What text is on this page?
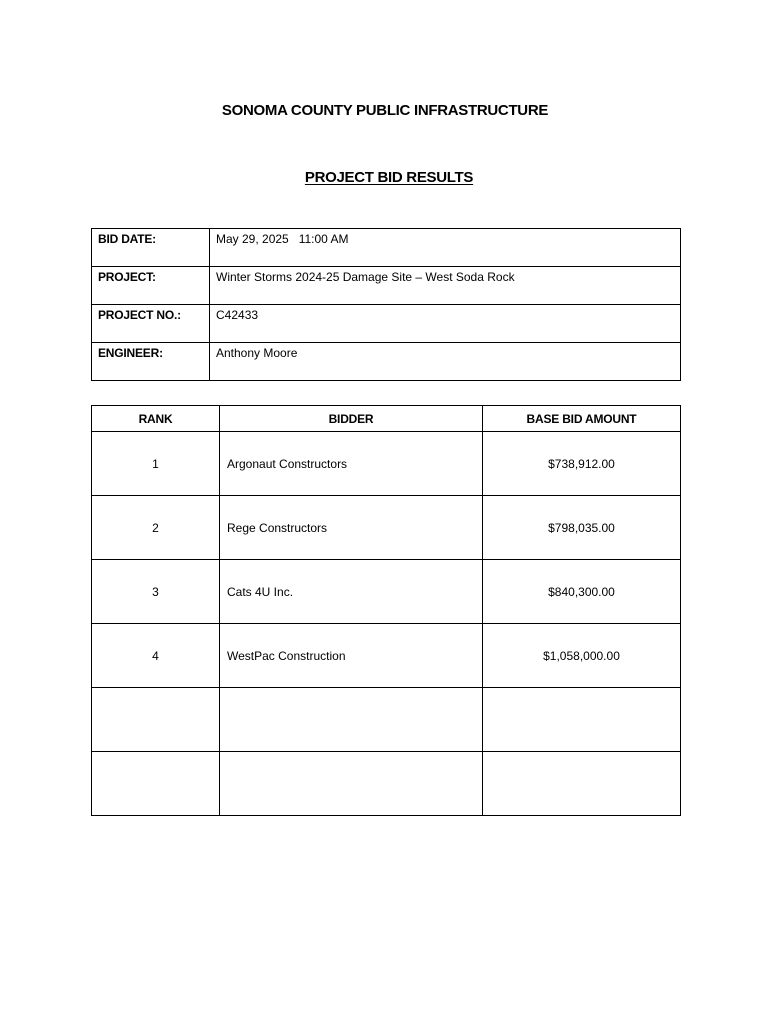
SONOMA COUNTY PUBLIC INFRASTRUCTURE
PROJECT BID RESULTS
BID DATE:	May 29, 2025   11:00 AM
PROJECT:	Winter Storms 2024-25 Damage Site – West Soda Rock
PROJECT NO.:	C42433
ENGINEER:	Anthony Moore
RANK	BIDDER	BASE BID AMOUNT
1	Argonaut Constructors	$738,912.00
2	Rege Constructors	$798,035.00
3	Cats 4U Inc.	$840,300.00
4	WestPac Construction	$1,058,000.00
